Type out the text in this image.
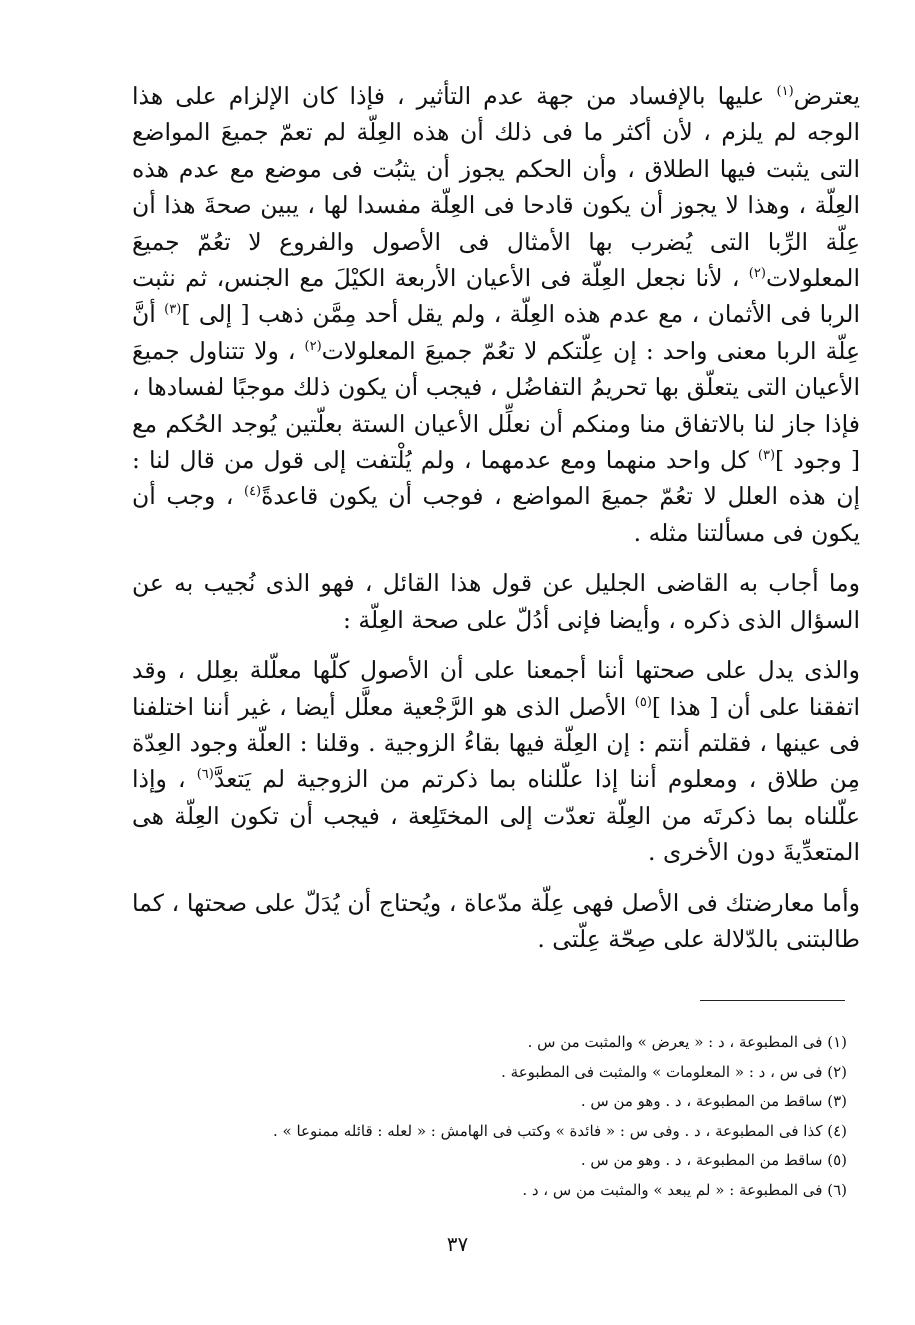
يعترض$^{(١)}$ عليها بالإفساد من جهة عدم التأثير ، فإذا كان الإلزام على هذا الوجه لم يلزم ، لأن أكثر ما فى ذلك أن هذه العِلّة لم تعمّ جميعَ المواضع التى يثبت فيها الطلاق ، وأن الحكم يجوز أن يثبُت فى موضع مع عدم هذه العِلّة ، وهذا لا يجوز أن يكون قادحا فى العِلّة مفسدا لها ، يبين صحةَ هذا أن عِلّة الرِّبا التى يُضرب بها الأمثال فى الأصول والفروع لا تعُمّ جميعَ المعلولات$^{(٢)}$ ، لأنا نجعل العِلّة فى الأعيان الأربعة الكيْلَ مع الجنس، ثم نثبت الربا فى الأثمان ، مع عدم هذه العِلّة ، ولم يقل أحد مِمَّن ذهب [ إلى ]$^{(٣)}$ أنَّ عِلّة الربا معنى واحد : إن عِلّتكم لا تعُمّ جميعَ المعلولات$^{(٢)}$ ، ولا تتناول جميعَ الأعيان التى يتعلّق بها تحريمُ التفاضُل ، فيجب أن يكون ذلك موجبًا لفسادها ، فإذا جاز لنا بالاتفاق منا ومنكم أن نعلِّل الأعيان الستة بعلّتين يُوجد الحُكم مع [ وجود ]$^{(٣)}$ كل واحد منهما ومع عدمهما ، ولم يُلْتفت إلى قول من قال لنا : إن هذه العلل لا تعُمّ جميعَ المواضع ، فوجب أن يكون قاعدةً$^{(٤)}$ ، وجب أن يكون فى مسألتنا مثله .

وما أجاب به القاضى الجليل عن قول هذا القائل ، فهو الذى نُجيب به عن السؤال الذى ذكره ، وأيضا فإنى أدُلّ على صحة العِلّة :

والذى يدل على صحتها أننا أجمعنا على أن الأصول كلّها معلّلة بعِلل ، وقد اتفقنا على أن [ هذا ]$^{(٥)}$ الأصل الذى هو الرَّجْعية معلَّل أيضا ، غير أننا اختلفنا فى عينها ، فقلتم أنتم : إن العِلّة فيها بقاءُ الزوجية . وقلنا : العلّة وجود العِدّة مِن طلاق ، ومعلوم أننا إذا علّلناه بما ذكرتم من الزوجية لم يَتعدَّ$^{(٦)}$ ، وإذا علّلناه بما ذكرتَه من العِلّة تعدّت إلى المختَلِعة ، فيجب أن تكون العِلّة هى المتعدِّيةَ دون الأخرى .

وأما معارضتك فى الأصل فهى عِلّة مدّعاة ، ويُحتاج أن يُدَلّ على صحتها ، كما طالبتنى بالدّلالة على صِحّة عِلّتى .

(١) فى المطبوعة ، د : « يعرض » والمثبت من س .
(٢) فى س ، د : « المعلومات » والمثبت فى المطبوعة .
(٣) ساقط من المطبوعة ، د . وهو من س .
(٤) كذا فى المطبوعة ، د . وفى س : « فائدة » وكتب فى الهامش : « لعله : قائله ممنوعا » .
(٥) ساقط من المطبوعة ، د . وهو من س .
(٦) فى المطبوعة : « لم يبعد » والمثبت من س ، د .
٣٧
